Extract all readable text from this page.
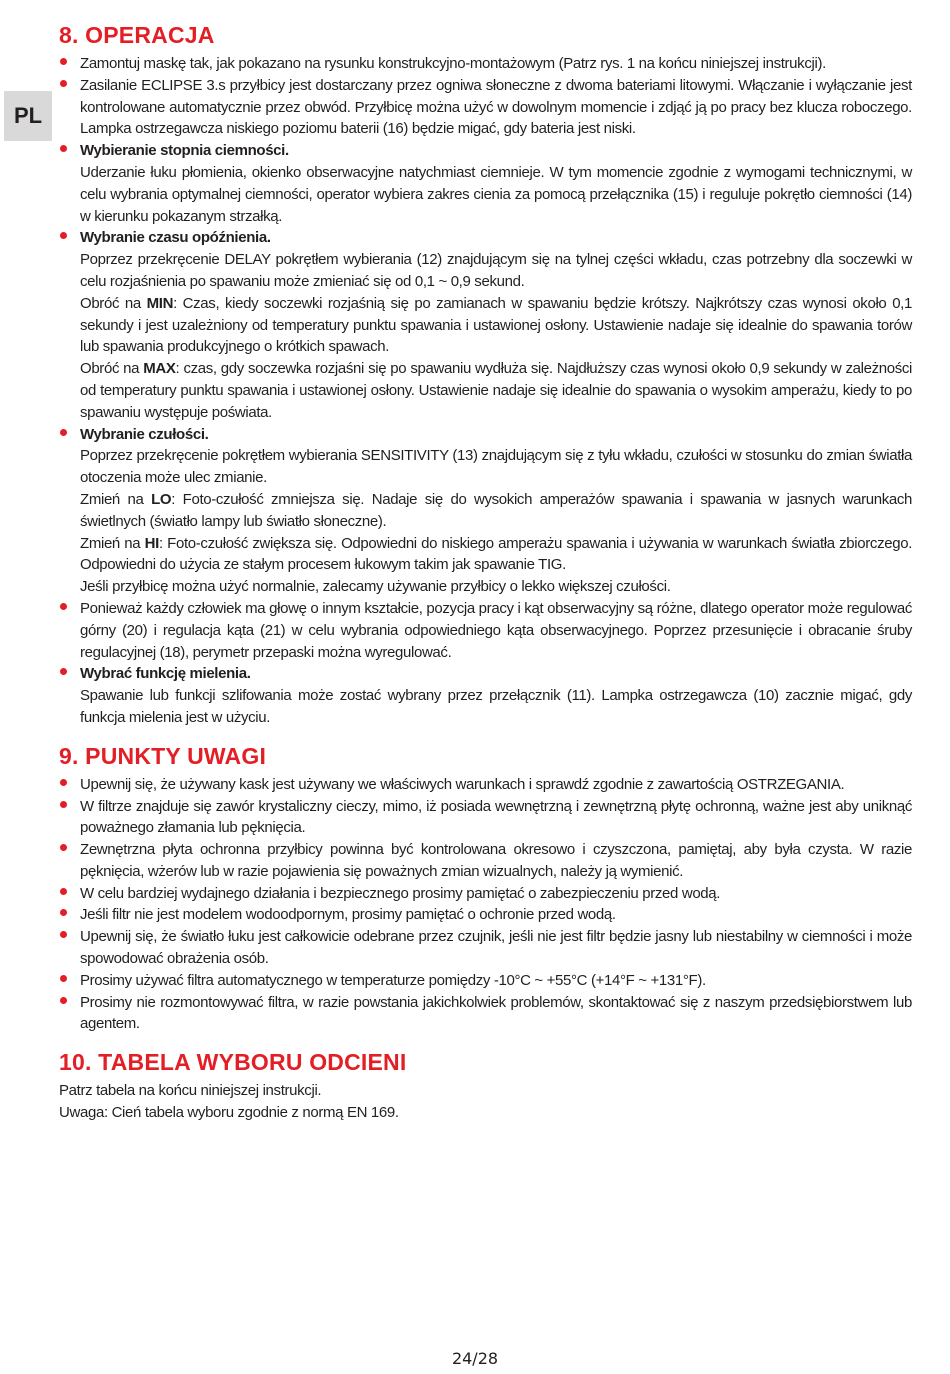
PL
8. OPERACJA

Zamontuj maskę tak, jak pokazano na rysunku konstrukcyjno-montażowym (Patrz rys. 1 na końcu niniejszej instrukcji).

Zasilanie ECLIPSE 3.s przyłbicy jest dostarczany przez ogniwa słoneczne z dwoma bateriami litowymi. Włączanie i wyłączanie jest kontrolowane automatycznie przez obwód. Przyłbicę można użyć w dowolnym momencie i zdjąć ją po pracy bez klucza roboczego. Lampka ostrzegawcza niskiego poziomu baterii (16) będzie migać, gdy bateria jest niski.

Wybieranie stopnia ciemności.

Uderzanie łuku płomienia, okienko obserwacyjne natychmiast ciemnieje. W tym momencie zgodnie z wymogami technicznymi, w celu wybrania optymalnej ciemności, operator wybiera zakres cienia za pomocą przełącznika (15) i reguluje pokrętło ciemności (14) w kierunku pokazanym strzałką.

Wybranie czasu opóźnienia.

Poprzez przekręcenie DELAY pokrętłem wybierania (12) znajdującym się na tylnej części wkładu, czas potrzebny dla soczewki w celu rozjaśnienia po spawaniu może zmieniać się od 0,1 ~ 0,9 sekund.

Obróć na MIN: Czas, kiedy soczewki rozjaśnią się po zamianach w spawaniu będzie krótszy. Najkrótszy czas wynosi około 0,1 sekundy i jest uzależniony od temperatury punktu spawania i ustawionej osłony. Ustawienie nadaje się idealnie do spawania torów lub spawania produkcyjnego o krótkich spawach.

Obróć na MAX: czas, gdy soczewka rozjaśni się po spawaniu wydłuża się. Najdłuższy czas wynosi około 0,9 sekundy w zależności od temperatury punktu spawania i ustawionej osłony. Ustawienie nadaje się idealnie do spawania o wysokim amperażu, kiedy to po spawaniu występuje poświata.

Wybranie czułości.

Poprzez przekręcenie pokrętłem wybierania SENSITIVITY (13) znajdującym się z tyłu wkładu, czułości w stosunku do zmian światła otoczenia może ulec zmianie.

Zmień na LO: Foto-czułość zmniejsza się. Nadaje się do wysokich amperażów spawania i spawania w jasnych warunkach świetlnych (światło lampy lub światło słoneczne).

Zmień na HI: Foto-czułość zwiększa się. Odpowiedni do niskiego amperażu spawania i używania w warunkach światła zbiorczego. Odpowiedni do użycia ze stałym procesem łukowym takim jak spawanie TIG.

Jeśli przyłbicę można użyć normalnie, zalecamy używanie przyłbicy o lekko większej czułości.

Ponieważ każdy człowiek ma głowę o innym kształcie, pozycja pracy i kąt obserwacyjny są różne, dlatego operator może regulować górny (20) i regulacja kąta (21) w celu wybrania odpowiedniego kąta obserwacyjnego. Poprzez przesunięcie i obracanie śruby regulacyjnej (18), perymetr przepaski można wyregulować.

Wybrać funkcję mielenia.

Spawanie lub funkcji szlifowania może zostać wybrany przez przełącznik (11). Lampka ostrzegawcza (10) zacznie migać, gdy funkcja mielenia jest w użyciu.

9. PUNKTY UWAGI

Upewnij się, że używany kask jest używany we właściwych warunkach i sprawdź zgodnie z zawartością OSTRZEGANIA.

W filtrze znajduje się zawór krystaliczny cieczy, mimo, iż posiada wewnętrzną i zewnętrzną płytę ochronną, ważne jest aby uniknąć poważnego złamania lub pęknięcia.

Zewnętrzna płyta ochronna przyłbicy powinna być kontrolowana okresowo i czyszczona, pamiętaj, aby była czysta. W razie pęknięcia, wżerów lub w razie pojawienia się poważnych zmian wizualnych, należy ją wymienić.

W celu bardziej wydajnego działania i bezpiecznego prosimy pamiętać o zabezpieczeniu przed wodą.

Jeśli filtr nie jest modelem wodoodpornym, prosimy pamiętać o ochronie przed wodą.

Upewnij się, że światło łuku jest całkowicie odebrane przez czujnik, jeśli nie jest filtr będzie jasny lub niestabilny w ciemności i może spowodować obrażenia osób.

Prosimy używać filtra automatycznego w temperaturze pomiędzy -10°C ~ +55°C (+14°F ~ +131°F).

Prosimy nie rozmontowywać filtra, w razie powstania jakichkolwiek problemów, skontaktować się z naszym przedsiębiorstwem lub agentem.

10. TABELA WYBORU ODCIENI

Patrz tabela na końcu niniejszej instrukcji.

Uwaga: Cień tabela wyboru zgodnie z normą EN 169.

24/28
